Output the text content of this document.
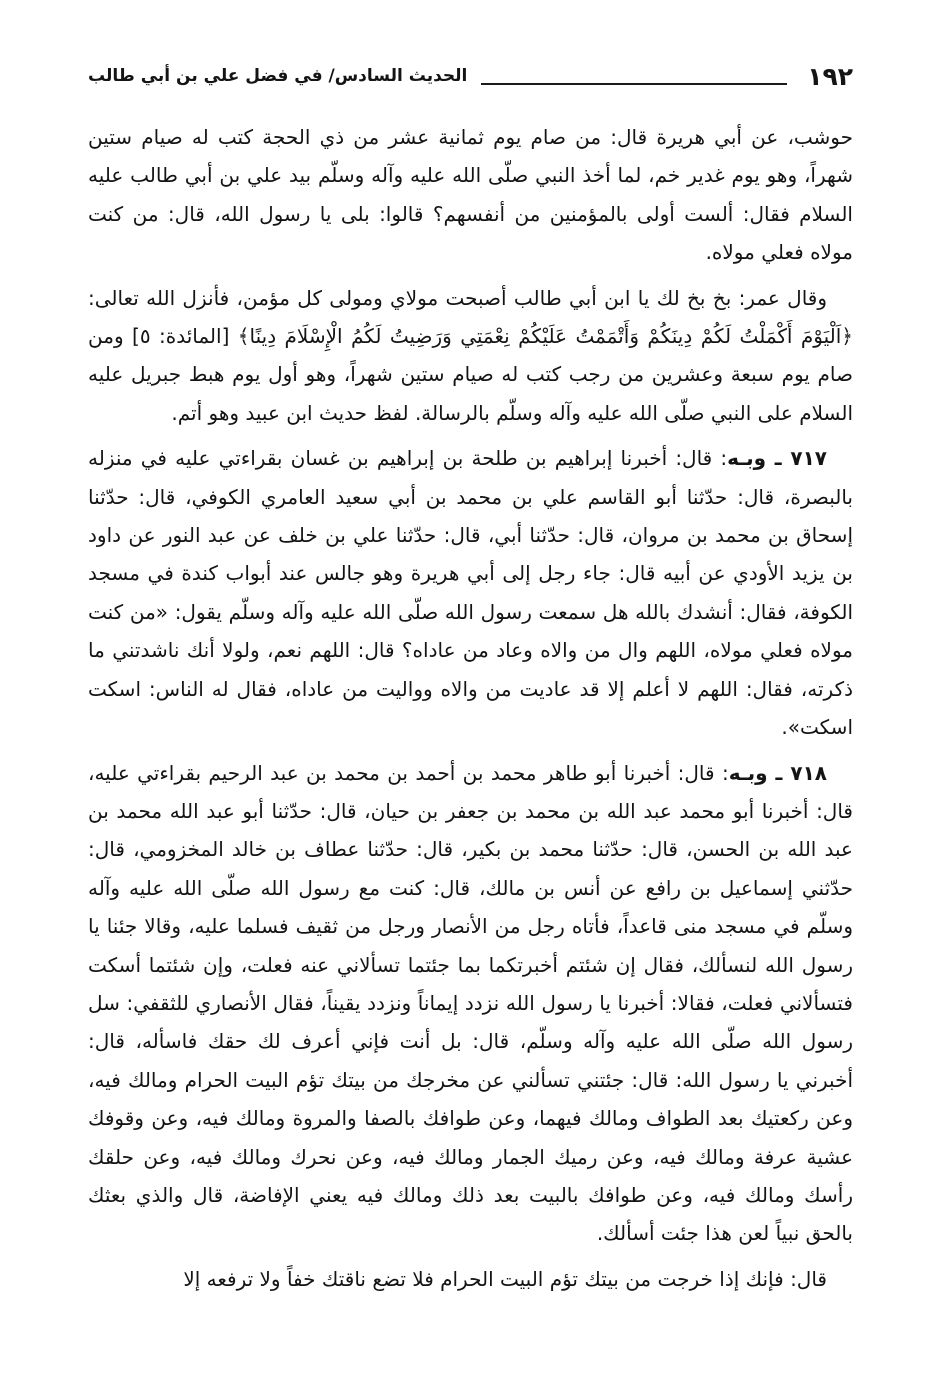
١٩٢
الحديث السادس/ في فضل علي بن أبي طالب

حوشب، عن أبي هريرة قال: من صام يوم ثمانية عشر من ذي الحجة كتب له صيام ستين شهراً، وهو يوم غدير خم، لما أخذ النبي صلّى الله عليه وآله وسلّم بيد علي بن أبي طالب عليه السلام فقال: ألست أولى بالمؤمنين من أنفسهم؟ قالوا: بلى يا رسول الله، قال: من كنت مولاه فعلي مولاه.

وقال عمر: بخ بخ لك يا ابن أبي طالب أصبحت مولاي ومولى كل مؤمن، فأنزل الله تعالى: ﴿اَلْيَوْمَ أَكْمَلْتُ لَكُمْ دِينَكُمْ وَأَتْمَمْتُ عَلَيْكُمْ نِعْمَتِي وَرَضِيتُ لَكُمُ الْإِسْلَامَ دِينًا﴾ [المائدة: ٥] ومن صام يوم سبعة وعشرين من رجب كتب له صيام ستين شهراً، وهو أول يوم هبط جبريل عليه السلام على النبي صلّى الله عليه وآله وسلّم بالرسالة. لفظ حديث ابن عبيد وهو أتم.

٧١٧ ـ وبـه: قال: أخبرنا إبراهيم بن طلحة بن إبراهيم بن غسان بقراءتي عليه في منزله بالبصرة، قال: حدّثنا أبو القاسم علي بن محمد بن أبي سعيد العامري الكوفي، قال: حدّثنا إسحاق بن محمد بن مروان، قال: حدّثنا أبي، قال: حدّثنا علي بن خلف عن عبد النور عن داود بن يزيد الأودي عن أبيه قال: جاء رجل إلى أبي هريرة وهو جالس عند أبواب كندة في مسجد الكوفة، فقال: أنشدك بالله هل سمعت رسول الله صلّى الله عليه وآله وسلّم يقول: «من كنت مولاه فعلي مولاه، اللهم وال من والاه وعاد من عاداه؟ قال: اللهم نعم، ولولا أنك ناشدتني ما ذكرته، فقال: اللهم لا أعلم إلا قد عاديت من والاه وواليت من عاداه، فقال له الناس: اسكت اسكت».

٧١٨ ـ وبـه: قال: أخبرنا أبو طاهر محمد بن أحمد بن محمد بن عبد الرحيم بقراءتي عليه، قال: أخبرنا أبو محمد عبد الله بن محمد بن جعفر بن حيان، قال: حدّثنا أبو عبد الله محمد بن عبد الله بن الحسن، قال: حدّثنا محمد بن بكير، قال: حدّثنا عطاف بن خالد المخزومي، قال: حدّثني إسماعيل بن رافع عن أنس بن مالك، قال: كنت مع رسول الله صلّى الله عليه وآله وسلّم في مسجد منى قاعداً، فأتاه رجل من الأنصار ورجل من ثقيف فسلما عليه، وقالا جئنا يا رسول الله لنسألك، فقال إن شئتم أخبرتكما بما جئتما تسألاني عنه فعلت، وإن شئتما أسكت فتسألاني فعلت، فقالا: أخبرنا يا رسول الله نزدد إيماناً ونزدد يقيناً، فقال الأنصاري للثقفي: سل رسول الله صلّى الله عليه وآله وسلّم، قال: بل أنت فإني أعرف لك حقك فاسأله، قال: أخبرني يا رسول الله: قال: جئتني تسألني عن مخرجك من بيتك تؤم البيت الحرام ومالك فيه، وعن ركعتيك بعد الطواف ومالك فيهما، وعن طوافك بالصفا والمروة ومالك فيه، وعن وقوفك عشية عرفة ومالك فيه، وعن رميك الجمار ومالك فيه، وعن نحرك ومالك فيه، وعن حلقك رأسك ومالك فيه، وعن طوافك بالبيت بعد ذلك ومالك فيه يعني الإفاضة، قال والذي بعثك بالحق نبياً لعن هذا جئت أسألك.

قال: فإنك إذا خرجت من بيتك تؤم البيت الحرام فلا تضع ناقتك خفاً ولا ترفعه إلا
